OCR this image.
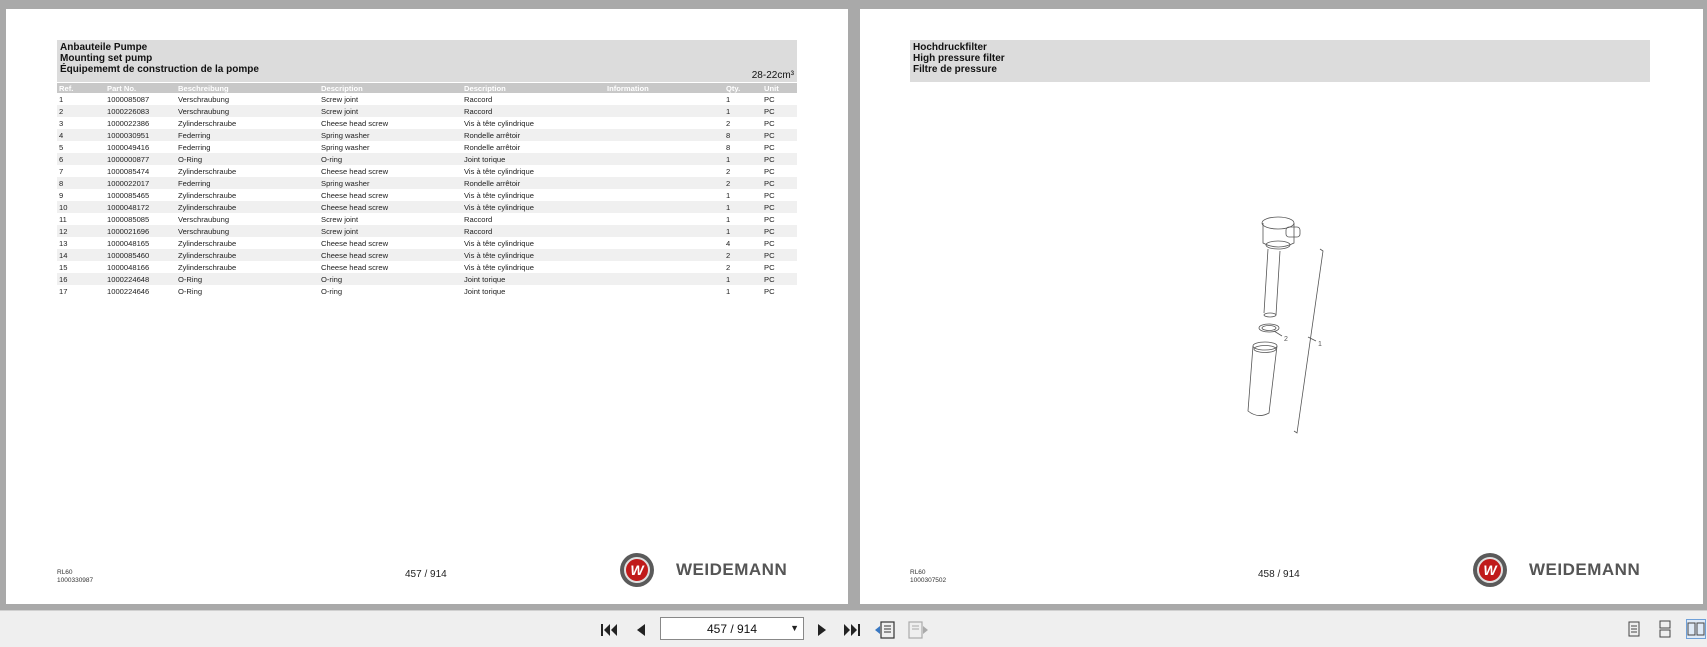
Anbauteile Pumpe
Mounting set pump
Équipememt de construction de la pompe
28-22cm³
Ref.	Part No.	Beschreibung	Description	Description	Information	Qty.	Unit
1	1000085087	Verschraubung	Screw joint	Raccord		1	PC
2	1000226083	Verschraubung	Screw joint	Raccord		1	PC
3	1000022386	Zylinderschraube	Cheese head screw	Vis à tête cylindrique		2	PC
4	1000030951	Federring	Spring washer	Rondelle arrêtoir		8	PC
5	1000049416	Federring	Spring washer	Rondelle arrêtoir		8	PC
6	1000000877	O-Ring	O-ring	Joint torique		1	PC
7	1000085474	Zylinderschraube	Cheese head screw	Vis à tête cylindrique		2	PC
8	1000022017	Federring	Spring washer	Rondelle arrêtoir		2	PC
9	1000085465	Zylinderschraube	Cheese head screw	Vis à tête cylindrique		1	PC
10	1000048172	Zylinderschraube	Cheese head screw	Vis à tête cylindrique		1	PC
11	1000085085	Verschraubung	Screw joint	Raccord		1	PC
12	1000021696	Verschraubung	Screw joint	Raccord		1	PC
13	1000048165	Zylinderschraube	Cheese head screw	Vis à tête cylindrique		4	PC
14	1000085460	Zylinderschraube	Cheese head screw	Vis à tête cylindrique		2	PC
15	1000048166	Zylinderschraube	Cheese head screw	Vis à tête cylindrique		2	PC
16	1000224648	O-Ring	O-ring	Joint torique		1	PC
17	1000224646	O-Ring	O-ring	Joint torique		1	PC
RL60
1000330987
457 / 914	W	WEIDEMANN
Hochdruckfilter
High pressure filter
Filtre de pressure
2
1
RL60
1000307502
458 / 914	W	WEIDEMANN
457 / 914	▼
